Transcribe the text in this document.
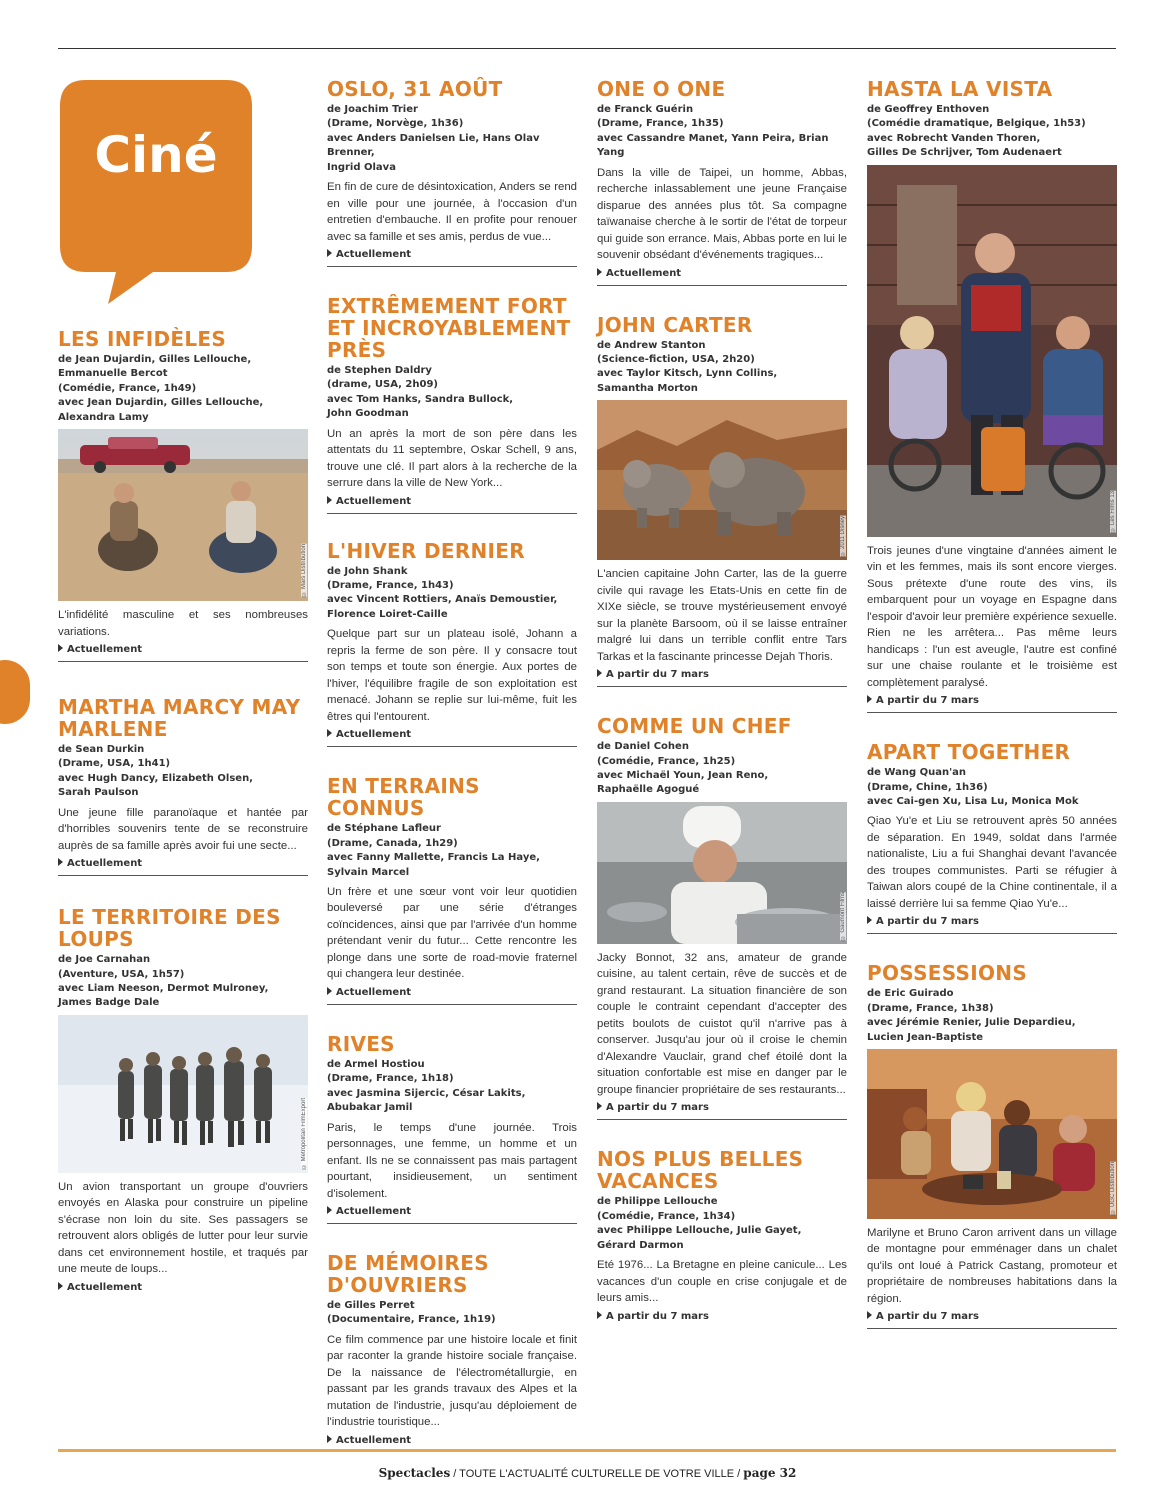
Ciné
LES INFIDÈLES
de Jean Dujardin, Gilles Lellouche,
Emmanuelle Bercot
(Comédie, France, 1h49)
avec Jean Dujardin, Gilles Lellouche,
Alexandra Lamy
© Mars Distribution
L'infidélité masculine et ses nombreuses variations.
Actuellement
MARTHA MARCY MAY MARLENE
de Sean Durkin
(Drame, USA, 1h41)
avec Hugh Dancy, Elizabeth Olsen,
Sarah Paulson
Une jeune fille paranoïaque et hantée par d'horribles souvenirs tente de se reconstruire auprès de sa famille après avoir fui une secte...
Actuellement
LE TERRITOIRE DES LOUPS
de Joe Carnahan
(Aventure, USA, 1h57)
avec Liam Neeson, Dermot Mulroney,
James Badge Dale
© Metropolitan FilmExport
Un avion transportant un groupe d'ouvriers envoyés en Alaska pour construire un pipeline s'écrase non loin du site. Ses passagers se retrouvent alors obligés de lutter pour leur survie dans cet environnement hostile, et traqués par une meute de loups...
Actuellement
OSLO, 31 AOÛT
de Joachim Trier
(Drame, Norvège, 1h36)
avec Anders Danielsen Lie, Hans Olav Brenner,
Ingrid Olava
En fin de cure de désintoxication, Anders se rend en ville pour une journée, à l'occasion d'un entretien d'embauche. Il en profite pour renouer avec sa famille et ses amis, perdus de vue...
Actuellement
EXTRÊMEMENT FORT ET INCROYABLEMENT PRÈS
de Stephen Daldry
(drame, USA, 2h09)
avec Tom Hanks, Sandra Bullock,
John Goodman
Un an après la mort de son père dans les attentats du 11 septembre, Oskar Schell, 9 ans, trouve une clé. Il part alors à la recherche de la serrure dans la ville de New York...
Actuellement
L'HIVER DERNIER
de John Shank
(Drame, France, 1h43)
avec Vincent Rottiers, Anaïs Demoustier,
Florence Loiret-Caille
Quelque part sur un plateau isolé, Johann a repris la ferme de son père. Il y consacre tout son temps et toute son énergie. Aux portes de l'hiver, l'équilibre fragile de son exploitation est menacé. Johann se replie sur lui-même, fuit les êtres qui l'entourent.
Actuellement
EN TERRAINS CONNUS
de Stéphane Lafleur
(Drame, Canada, 1h29)
avec Fanny Mallette, Francis La Haye,
Sylvain Marcel
Un frère et une sœur vont voir leur quotidien bouleversé par une série d'étranges coïncidences, ainsi que par l'arrivée d'un homme prétendant venir du futur... Cette rencontre les plonge dans une sorte de road-movie fraternel qui changera leur destinée.
Actuellement
RIVES
de Armel Hostiou
(Drame, France, 1h18)
avec Jasmina Sijercic, César Lakits,
Abubakar Jamil
Paris, le temps d'une journée. Trois personnages, une femme, un homme et un enfant. Ils ne se connaissent pas mais partagent pourtant, insidieusement, un sentiment d'isolement.
Actuellement
DE MÉMOIRES D'OUVRIERS
de Gilles Perret
(Documentaire, France, 1h19)
Ce film commence par une histoire locale et finit par raconter la grande histoire sociale française. De la naissance de l'électrométallurgie, en passant par les grands travaux des Alpes et la mutation de l'industrie, jusqu'au déploiement de l'industrie touristique...
Actuellement
ONE O ONE
de Franck Guérin
(Drame, France, 1h35)
avec Cassandre Manet, Yann Peira, Brian Yang
Dans la ville de Taipei, un homme, Abbas, recherche inlassablement une jeune Française disparue des années plus tôt. Sa compagne taïwanaise cherche à le sortir de l'état de torpeur qui guide son errance. Mais, Abbas porte en lui le souvenir obsédant d'événements tragiques...
Actuellement
JOHN CARTER
de Andrew Stanton
(Science-fiction, USA, 2h20)
avec Taylor Kitsch, Lynn Collins,
Samantha Morton
© 2011 Disney
L'ancien capitaine John Carter, las de la guerre civile qui ravage les Etats-Unis en cette fin de XIXe siècle, se trouve mystérieusement envoyé sur la planète Barsoom, où il se laisse entraîner malgré lui dans un terrible conflit entre Tars Tarkas et la fascinante princesse Dejah Thoris.
A partir du 7 mars
COMME UN CHEF
de Daniel Cohen
(Comédie, France, 1h25)
avec Michaël Youn, Jean Reno,
Raphaëlle Agogué
© Gaumont Films
Jacky Bonnot, 32 ans, amateur de grande cuisine, au talent certain, rêve de succès et de grand restaurant. La situation financière de son couple le contraint cependant d'accepter des petits boulots de cuistot qu'il n'arrive pas à conserver. Jusqu'au jour où il croise le chemin d'Alexandre Vauclair, grand chef étoilé dont la situation confortable est mise en danger par le groupe financier propriétaire de ses restaurants...
A partir du 7 mars
NOS PLUS BELLES VACANCES
de Philippe Lellouche
(Comédie, France, 1h34)
avec Philippe Lellouche, Julie Gayet,
Gérard Darmon
Eté 1976... La Bretagne en pleine canicule... Les vacances d'un couple en crise conjugale et de leurs amis...
A partir du 7 mars
HASTA LA VISTA
de Geoffrey Enthoven
(Comédie dramatique, Belgique, 1h53)
avec Robrecht Vanden Thoren,
Gilles De Schrijver, Tom Audenaert
© Les Films 13
Trois jeunes d'une vingtaine d'années aiment le vin et les femmes, mais ils sont encore vierges. Sous prétexte d'une route des vins, ils embarquent pour un voyage en Espagne dans l'espoir d'avoir leur première expérience sexuelle. Rien ne les arrêtera... Pas même leurs handicaps : l'un est aveugle, l'autre est confiné sur une chaise roulante et le troisième est complètement paralysé.
A partir du 7 mars
APART TOGETHER
de Wang Quan'an
(Drame, Chine, 1h36)
avec Cai-gen Xu, Lisa Lu, Monica Mok
Qiao Yu'e et Liu se retrouvent après 50 années de séparation. En 1949, soldat dans l'armée nationaliste, Liu a fui Shanghai devant l'avancée des troupes communistes. Parti se réfugier à Taiwan alors coupé de la Chine continentale, il a laissé derrière lui sa femme Qiao Yu'e...
A partir du 7 mars
POSSESSIONS
de Eric Guirado
(Drame, France, 1h38)
avec Jérémie Renier, Julie Depardieu,
Lucien Jean-Baptiste
© UGC Distribution
Marilyne et Bruno Caron arrivent dans un village de montagne pour emménager dans un chalet qu'ils ont loué à Patrick Castang, promoteur et propriétaire de nombreuses habitations dans la région.
A partir du 7 mars
Spectacles / TOUTE L'ACTUALITÉ CULTURELLE DE VOTRE VILLE / page 32
